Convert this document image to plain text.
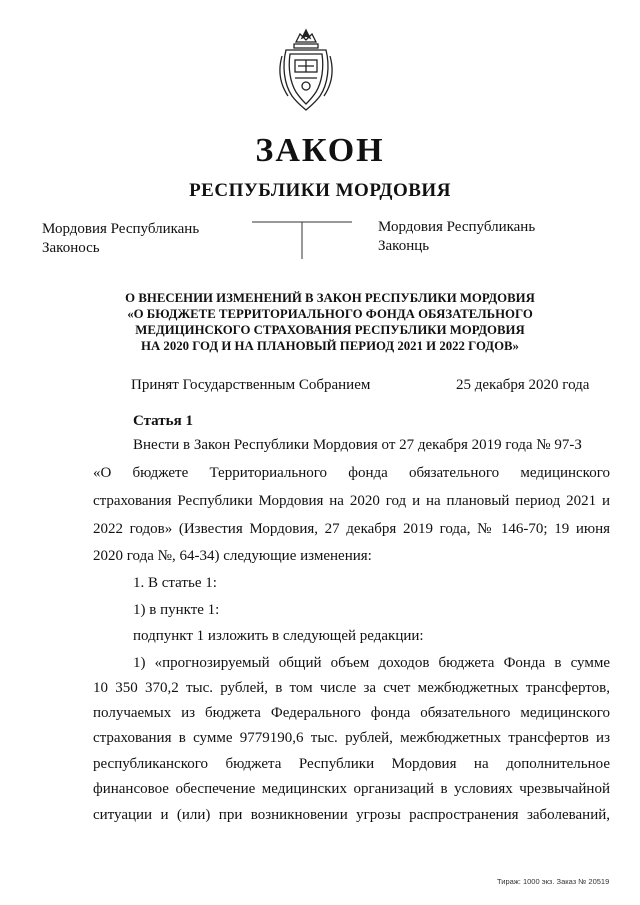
ЗАКОН
РЕСПУБЛИКИ МОРДОВИЯ
Мордовия Республикань
Законось
Мордовия Республикань
Законць
О ВНЕСЕНИИ ИЗМЕНЕНИЙ В ЗАКОН РЕСПУБЛИКИ МОРДОВИЯ
«О БЮДЖЕТЕ ТЕРРИТОРИАЛЬНОГО ФОНДА ОБЯЗАТЕЛЬНОГО
МЕДИЦИНСКОГО СТРАХОВАНИЯ РЕСПУБЛИКИ МОРДОВИЯ
НА 2020 ГОД И НА ПЛАНОВЫЙ ПЕРИОД 2021 И 2022 ГОДОВ»
Принят Государственным Собранием	25 декабря 2020 года
Статья 1
Внести в Закон Республики Мордовия от 27 декабря 2019 года № 97-З
«О бюджете Территориального фонда обязательного медицинского
страхования Республики Мордовия на 2020 год и на плановый период 2021 и
2022 годов» (Известия Мордовия, 27 декабря 2019 года, № 146-70; 19 июня
2020 года №, 64-34) следующие изменения:
1. В статье 1:
1) в пункте 1:
подпункт 1 изложить в следующей редакции:
1) «прогнозируемый общий объем доходов бюджета Фонда в сумме
10 350 370,2 тыс. рублей, в том числе за счет межбюджетных трансфертов,
получаемых из бюджета Федерального фонда обязательного медицинского
страхования в сумме 9779190,6 тыс. рублей, межбюджетных трансфертов из
республиканского бюджета Республики Мордовия на дополнительное
финансовое обеспечение медицинских организаций в условиях чрезвычайной
ситуации и (или) при возникновении угрозы распространения заболеваний,
Тираж: 1000 экз. Заказ № 20519
